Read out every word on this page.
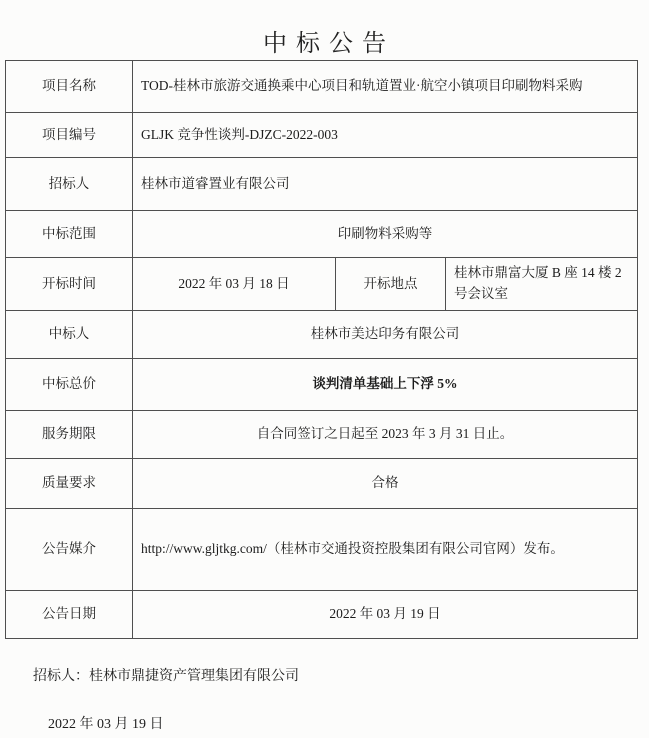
中标公告
项目名称	TOD-桂林市旅游交通换乘中心项目和轨道置业·航空小镇项目印刷物料采购		
项目编号	GLJK 竞争性谈判-DJZC-2022-003		
招标人	桂林市道睿置业有限公司		
中标范围	印刷物料采购等		
开标时间	2022 年 03 月 18 日	开标地点	桂林市鼎富大厦 B 座 14 楼 2 号会议室
中标人	桂林市美达印务有限公司		
中标总价	谈判清单基础上下浮 5%		
服务期限	自合同签订之日起至 2023 年 3 月 31 日止。		
质量要求	合格		
公告媒介	http://www.gljtkg.com/（桂林市交通投资控股集团有限公司官网）发布。		
公告日期	2022 年 03 月 19 日		

招标人：桂林市鼎捷资产管理集团有限公司

2022 年 03 月 19 日
